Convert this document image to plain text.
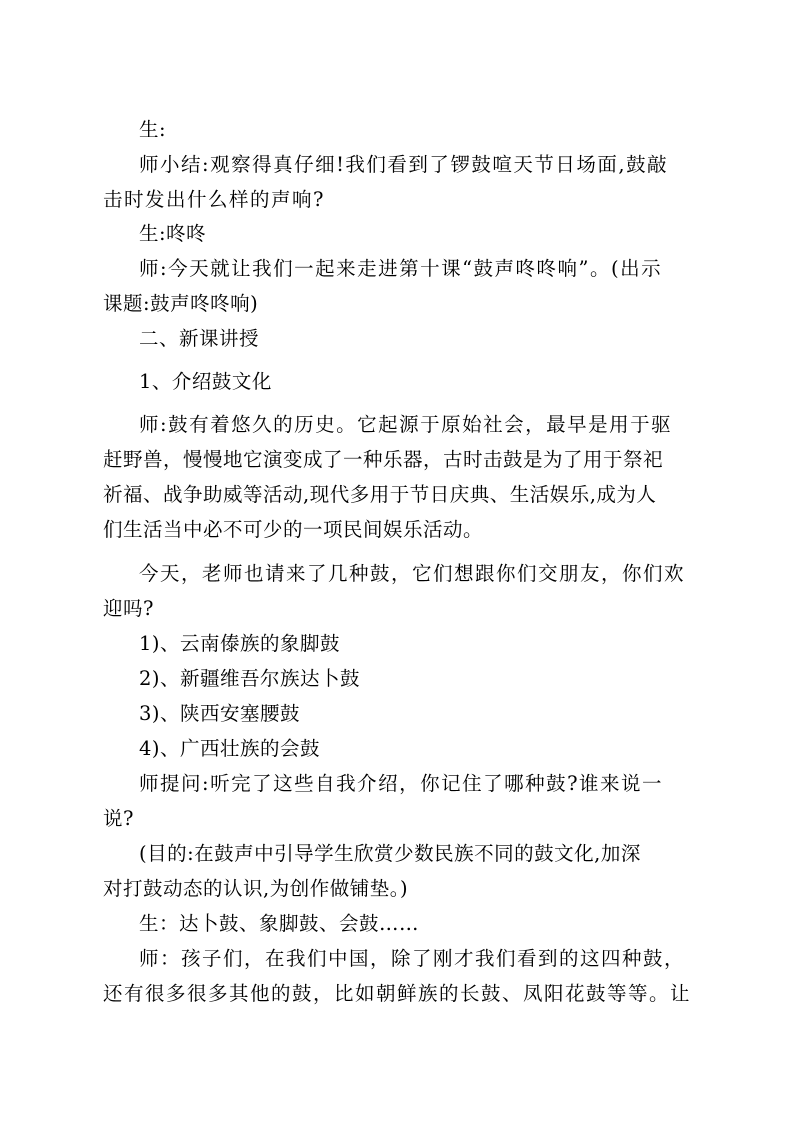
生:
师小结:观察得真仔细!我们看到了锣鼓喧天节日场面,鼓敲
击时发出什么样的声响?
生:咚咚
师:今天就让我们一起来走进第十课“鼓声咚咚响”。(出示
课题:鼓声咚咚响)
二、新课讲授
1、介绍鼓文化
师:鼓有着悠久的历史。它起源于原始社会，最早是用于驱
赶野兽，慢慢地它演变成了一种乐器，古时击鼓是为了用于祭祀
祈福、战争助威等活动,现代多用于节日庆典、生活娱乐,成为人
们生活当中必不可少的一项民间娱乐活动。
今天，老师也请来了几种鼓，它们想跟你们交朋友，你们欢
迎吗?
1)、云南傣族的象脚鼓
2)、新疆维吾尔族达卜鼓
3)、陕西安塞腰鼓
4)、广西壮族的会鼓
师提问:听完了这些自我介绍，你记住了哪种鼓?谁来说一
说?
(目的:在鼓声中引导学生欣赏少数民族不同的鼓文化,加深
对打鼓动态的认识,为创作做铺垫。)
生：达卜鼓、象脚鼓、会鼓……
师：孩子们，在我们中国，除了刚才我们看到的这四种鼓，
还有很多很多其他的鼓，比如朝鲜族的长鼓、凤阳花鼓等等。让
